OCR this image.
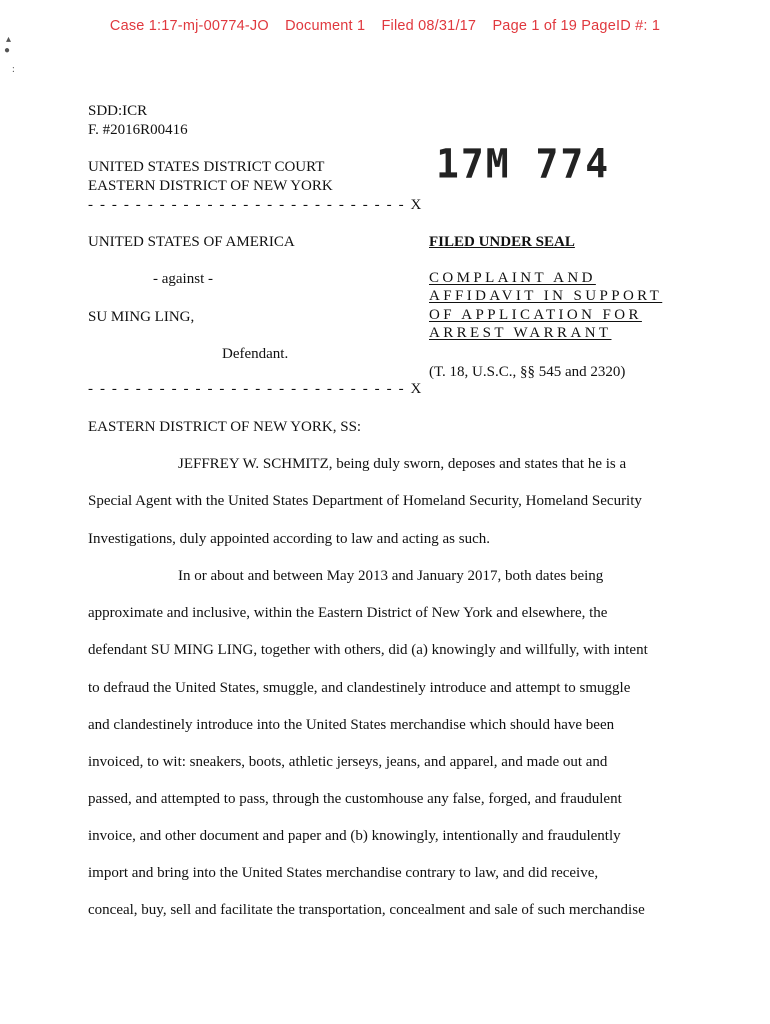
Case 1:17-mj-00774-JO Document 1 Filed 08/31/17 Page 1 of 19 PageID #: 1
▴
●
:
SDD:ICR
F. #2016R00416
UNITED STATES DISTRICT COURT
EASTERN DISTRICT OF NEW YORK
- - - - - - - - - - - - - - - - - - - - - - - - - - - X
17M 774
UNITED STATES OF AMERICA
- against -
SU MING LING,
Defendant.
- - - - - - - - - - - - - - - - - - - - - - - - - - - X
FILED UNDER SEAL
COMPLAINT AND
AFFIDAVIT IN SUPPORT
OF APPLICATION FOR
ARREST WARRANT
(T. 18, U.S.C., §§ 545 and 2320)
EASTERN DISTRICT OF NEW YORK, SS:
JEFFREY W. SCHMITZ, being duly sworn, deposes and states that he is a
Special Agent with the United States Department of Homeland Security, Homeland Security
Investigations, duly appointed according to law and acting as such.
In or about and between May 2013 and January 2017, both dates being
approximate and inclusive, within the Eastern District of New York and elsewhere, the
defendant SU MING LING, together with others, did (a) knowingly and willfully, with intent
to defraud the United States, smuggle, and clandestinely introduce and attempt to smuggle
and clandestinely introduce into the United States merchandise which should have been
invoiced, to wit: sneakers, boots, athletic jerseys, jeans, and apparel, and made out and
passed, and attempted to pass, through the customhouse any false, forged, and fraudulent
invoice, and other document and paper and (b) knowingly, intentionally and fraudulently
import and bring into the United States merchandise contrary to law, and did receive,
conceal, buy, sell and facilitate the transportation, concealment and sale of such merchandise
